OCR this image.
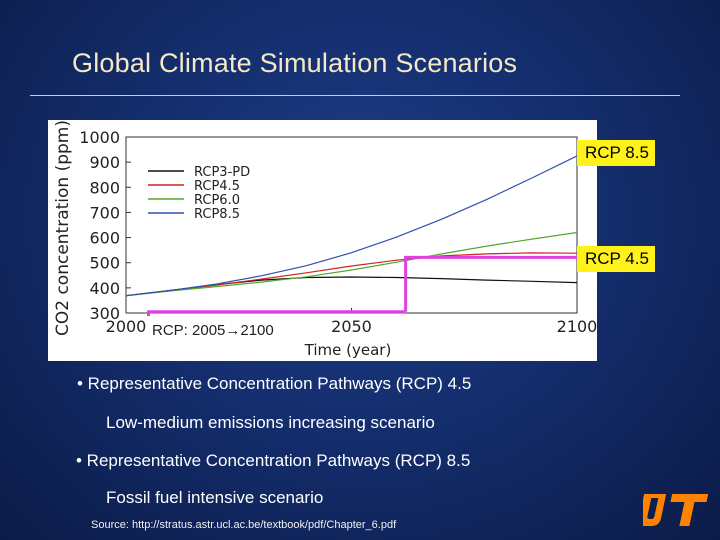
Global Climate Simulation Scenarios
300
400
500
600
700
800
900
1000
2000	2050	2100
RCP3-PD
RCP4.5
RCP6.0
RCP8.5
CO2 concentration (ppm)
Time (year)
RCP: 2005→2100
RCP 8.5
RCP 4.5
• Representative Concentration Pathways (RCP) 4.5
Low-medium emissions increasing scenario
• Representative Concentration Pathways (RCP) 8.5
Fossil fuel intensive scenario
Source: http://stratus.astr.ucl.ac.be/textbook/pdf/Chapter_6.pdf
